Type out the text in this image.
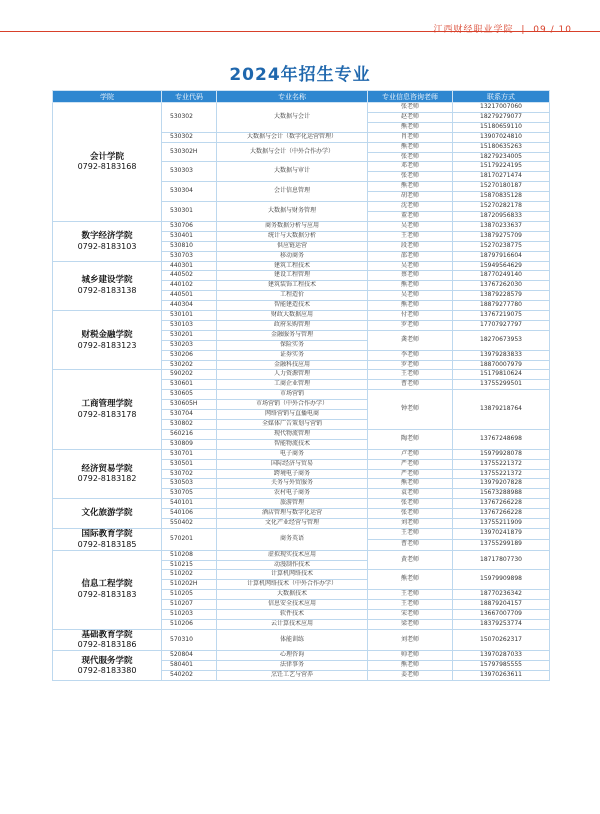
江西财经职业学院 | 09 / 10
2024年招生专业
学院	专业代码	专业名称	专业信息咨询老师	联系方式

会计学院
0792-8183168	530302	大数据与会计	张老师	13217007060
			赵老师	18279279077
			熊老师	15180659110
	530302	大数据与会计（数字化运营管理）	肖老师	13907024810
	530302H	大数据与会计（中外合作办学）	熊老师	15180635263
			张老师	18279234005
	530303	大数据与审计	邓老师	15179224195
			张老师	18170271474
	530304	会计信息管理	熊老师	15270180187
			胡老师	15870835128
	530301	大数据与财务管理	沈老师	15270282178
			董老师	18720956833

数字经济学院
0792-8183103	530706	商务数据分析与应用	吴老师	13870233637
	530401	统计与大数据分析	王老师	13879275709
	530810	供应链运营	段老师	15270238775
	530703	移动商务	邵老师	18797916604

城乡建设学院
0792-8183138	440301	建筑工程技术	吴老师	15949564629
	440502	建设工程管理	蔡老师	18770249140
	440102	建筑装饰工程技术	熊老师	13767262030
	440501	工程造价	吴老师	13879228579
	440304	智能建造技术	熊老师	18879277780

财税金融学院
0792-8183123	530101	财政大数据应用	付老师	13767219075
	530103	政府采购管理	罗老师	17707927797
	530201	金融服务与管理	龚老师	18270673953
	530203	保险实务		
	530206	证券实务	李老师	13979283833
	530202	金融科技应用	罗老师	18870007979

工商管理学院
0792-8183178	590202	人力资源管理	王老师	15179810624
	530601	工商企业管理	曹老师	13755299501
	530605	市场营销	钟老师	13879218764
	530605H	市场营销（中外合作办学）		
	530704	网络营销与直播电商		
	530802	全媒体广告策划与营销		
	560216	现代物流管理	陶老师	13767248698
	530809	智能物流技术		

经济贸易学院
0792-8183182	530701	电子商务	卢老师	15979928078
	530501	国际经济与贸易	严老师	13755221372
	530702	跨境电子商务	严老师	13755221372
	530503	关务与外贸服务	熊老师	13979207828
	530705	农村电子商务	袁老师	15673288988

文化旅游学院	540101	旅游管理	张老师	13767266228
	540106	酒店管理与数字化运营	张老师	13767266228
	550402	文化产业经营与管理	刘老师	13755211909

国际教育学院
0792-8183185	570201	商务英语	王老师	13970241879
			曹老师	13755299189

信息工程学院
0792-8183183	510208	虚拟现实技术应用	黄老师	18717807730
	510215	动漫制作技术		
	510202	计算机网络技术	熊老师	15979909898
	510202H	计算机网络技术（中外合作办学）		
	510205	大数据技术	王老师	18770236342
	510207	信息安全技术应用	王老师	18879204157
	510203	软件技术	宋老师	13667007709
	510206	云计算技术应用	梁老师	18379253774

基础教育学院
0792-8183186	570310	体能训练	刘老师	15070262317

现代服务学院
0792-8183380	520804	心理咨询	帅老师	13970287033
	580401	法律事务	熊老师	15797985555
	540202	烹饪工艺与营养	姜老师	13970263611
